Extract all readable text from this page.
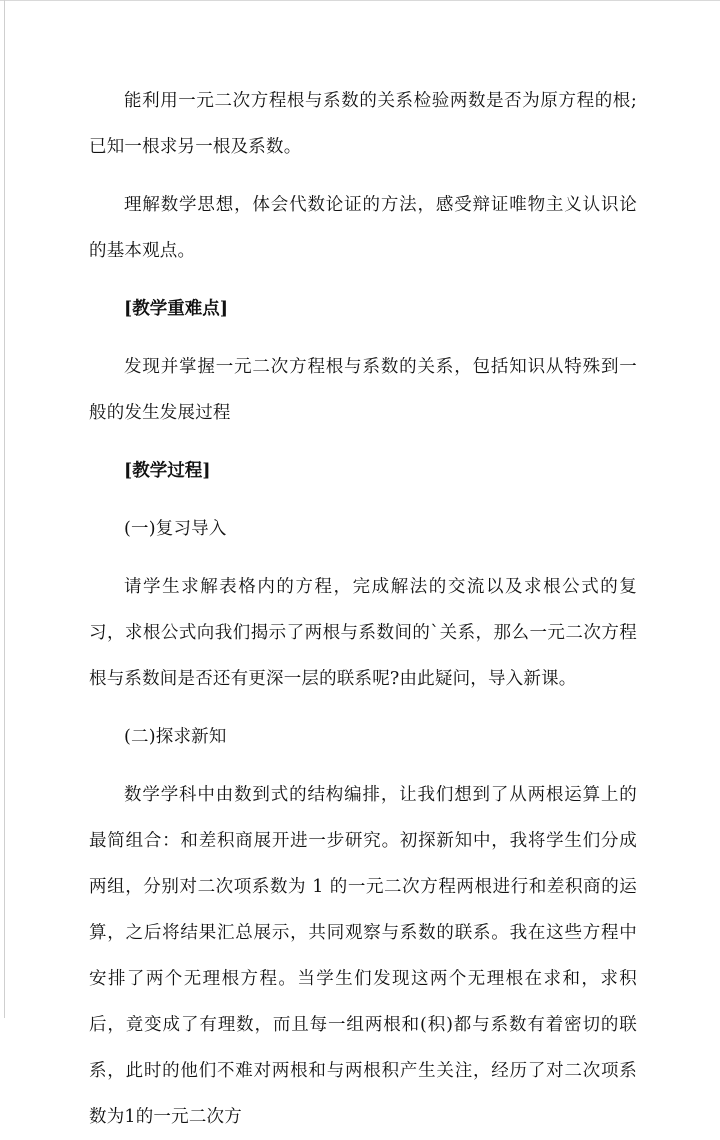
能利用一元二次方程根与系数的关系检验两数是否为原方程的根;已知一根求另一根及系数。

理解数学思想，体会代数论证的方法，感受辩证唯物主义认识论的基本观点。

[教学重难点]

发现并掌握一元二次方程根与系数的关系，包括知识从特殊到一般的发生发展过程

[教学过程]

(一)复习导入

请学生求解表格内的方程，完成解法的交流以及求根公式的复习，求根公式向我们揭示了两根与系数间的`关系，那么一元二次方程根与系数间是否还有更深一层的联系呢?由此疑问，导入新课。

(二)探求新知

数学学科中由数到式的结构编排，让我们想到了从两根运算上的最简组合：和差积商展开进一步研究。初探新知中，我将学生们分成两组，分别对二次项系数为 1 的一元二次方程两根进行和差积商的运算，之后将结果汇总展示，共同观察与系数的联系。我在这些方程中安排了两个无理根方程。当学生们发现这两个无理根在求和，求积后，竟变成了有理数，而且每一组两根和(积)都与系数有着密切的联系，此时的他们不难对两根和与两根积产生关注，经历了对二次项系数为1的一元二次方
